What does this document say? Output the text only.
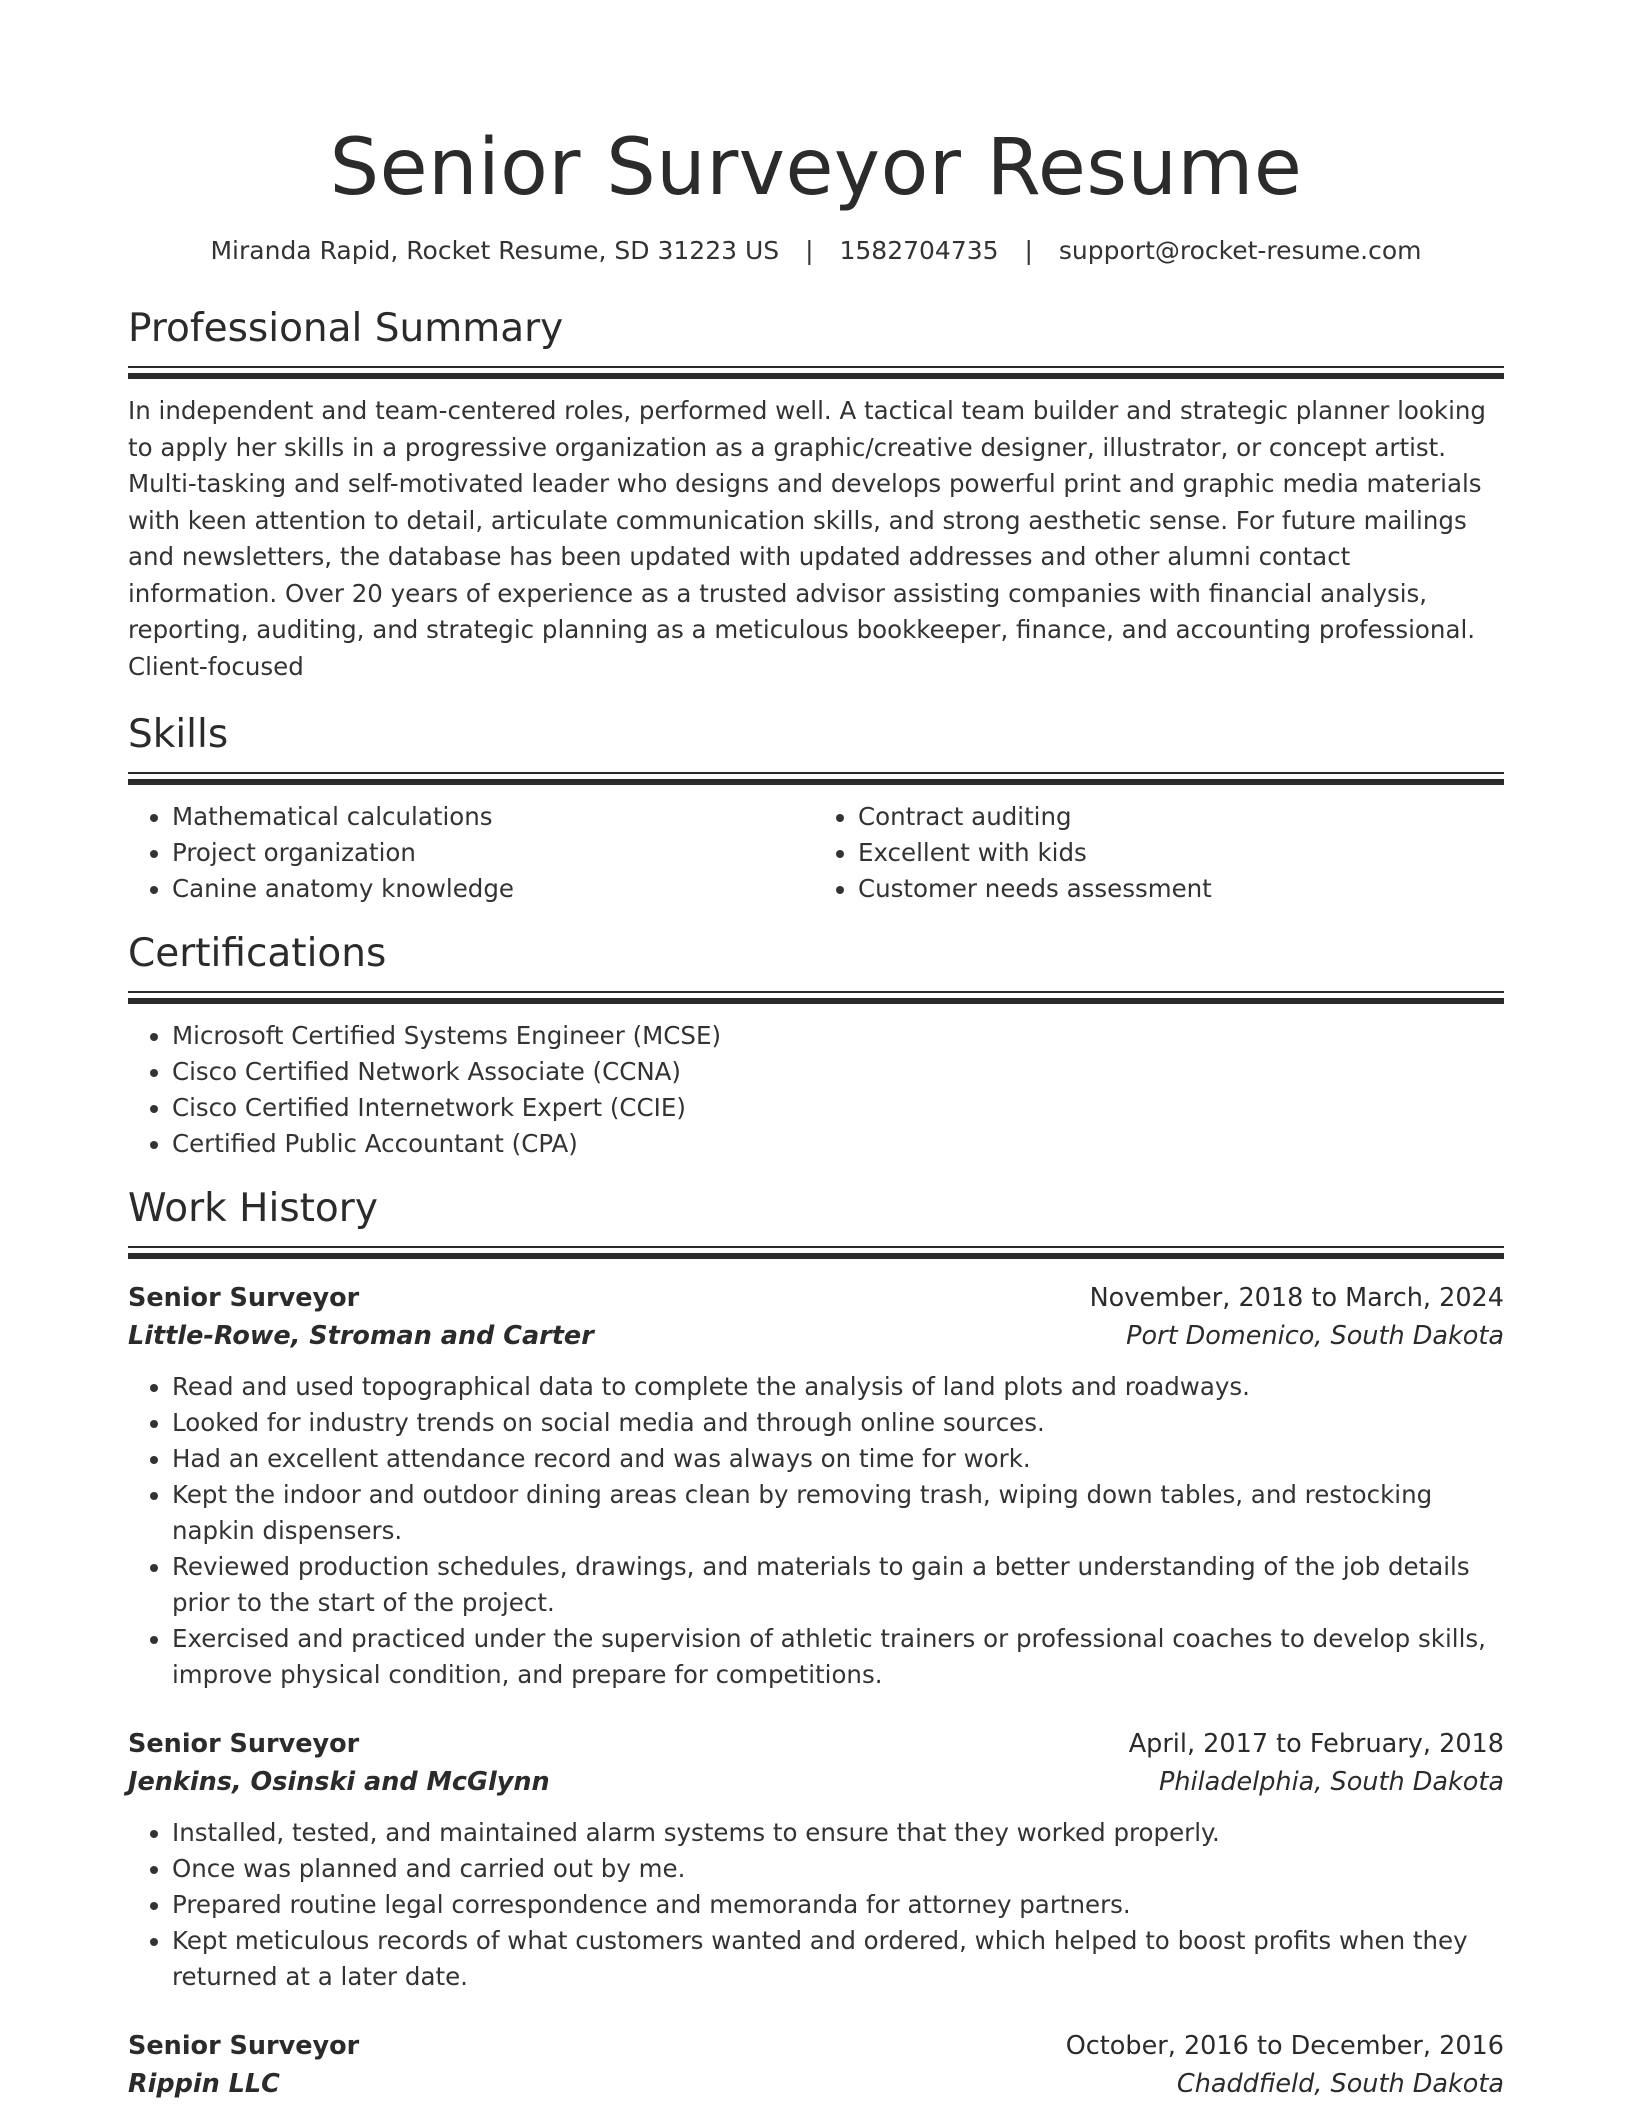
Senior Surveyor Resume
Miranda Rapid, Rocket Resume, SD 31223 US | 1582704735 | support@rocket-resume.com
Professional Summary

In independent and team-centered roles, performed well. A tactical team builder and strategic planner looking to apply her skills in a progressive organization as a graphic/creative designer, illustrator, or concept artist. Multi-tasking and self-motivated leader who designs and develops powerful print and graphic media materials with keen attention to detail, articulate communication skills, and strong aesthetic sense. For future mailings and newsletters, the database has been updated with updated addresses and other alumni contact information. Over 20 years of experience as a trusted advisor assisting companies with financial analysis, reporting, auditing, and strategic planning as a meticulous bookkeeper, finance, and accounting professional. Client-focused

Skills
• Mathematical calculations
• Project organization
• Canine anatomy knowledge
• Contract auditing
• Excellent with kids
• Customer needs assessment
Certifications
• Microsoft Certified Systems Engineer (MCSE)
• Cisco Certified Network Associate (CCNA)
• Cisco Certified Internetwork Expert (CCIE)
• Certified Public Accountant (CPA)
Work History
Senior Surveyor	November, 2018 to March, 2024
Little-Rowe, Stroman and Carter	Port Domenico, South Dakota
• Read and used topographical data to complete the analysis of land plots and roadways.
• Looked for industry trends on social media and through online sources.
• Had an excellent attendance record and was always on time for work.
• Kept the indoor and outdoor dining areas clean by removing trash, wiping down tables, and restocking napkin dispensers.
• Reviewed production schedules, drawings, and materials to gain a better understanding of the job details prior to the start of the project.
• Exercised and practiced under the supervision of athletic trainers or professional coaches to develop skills, improve physical condition, and prepare for competitions.
Senior Surveyor	April, 2017 to February, 2018
Jenkins, Osinski and McGlynn	Philadelphia, South Dakota
• Installed, tested, and maintained alarm systems to ensure that they worked properly.
• Once was planned and carried out by me.
• Prepared routine legal correspondence and memoranda for attorney partners.
• Kept meticulous records of what customers wanted and ordered, which helped to boost profits when they returned at a later date.
Senior Surveyor	October, 2016 to December, 2016
Rippin LLC	Chaddfield, South Dakota
